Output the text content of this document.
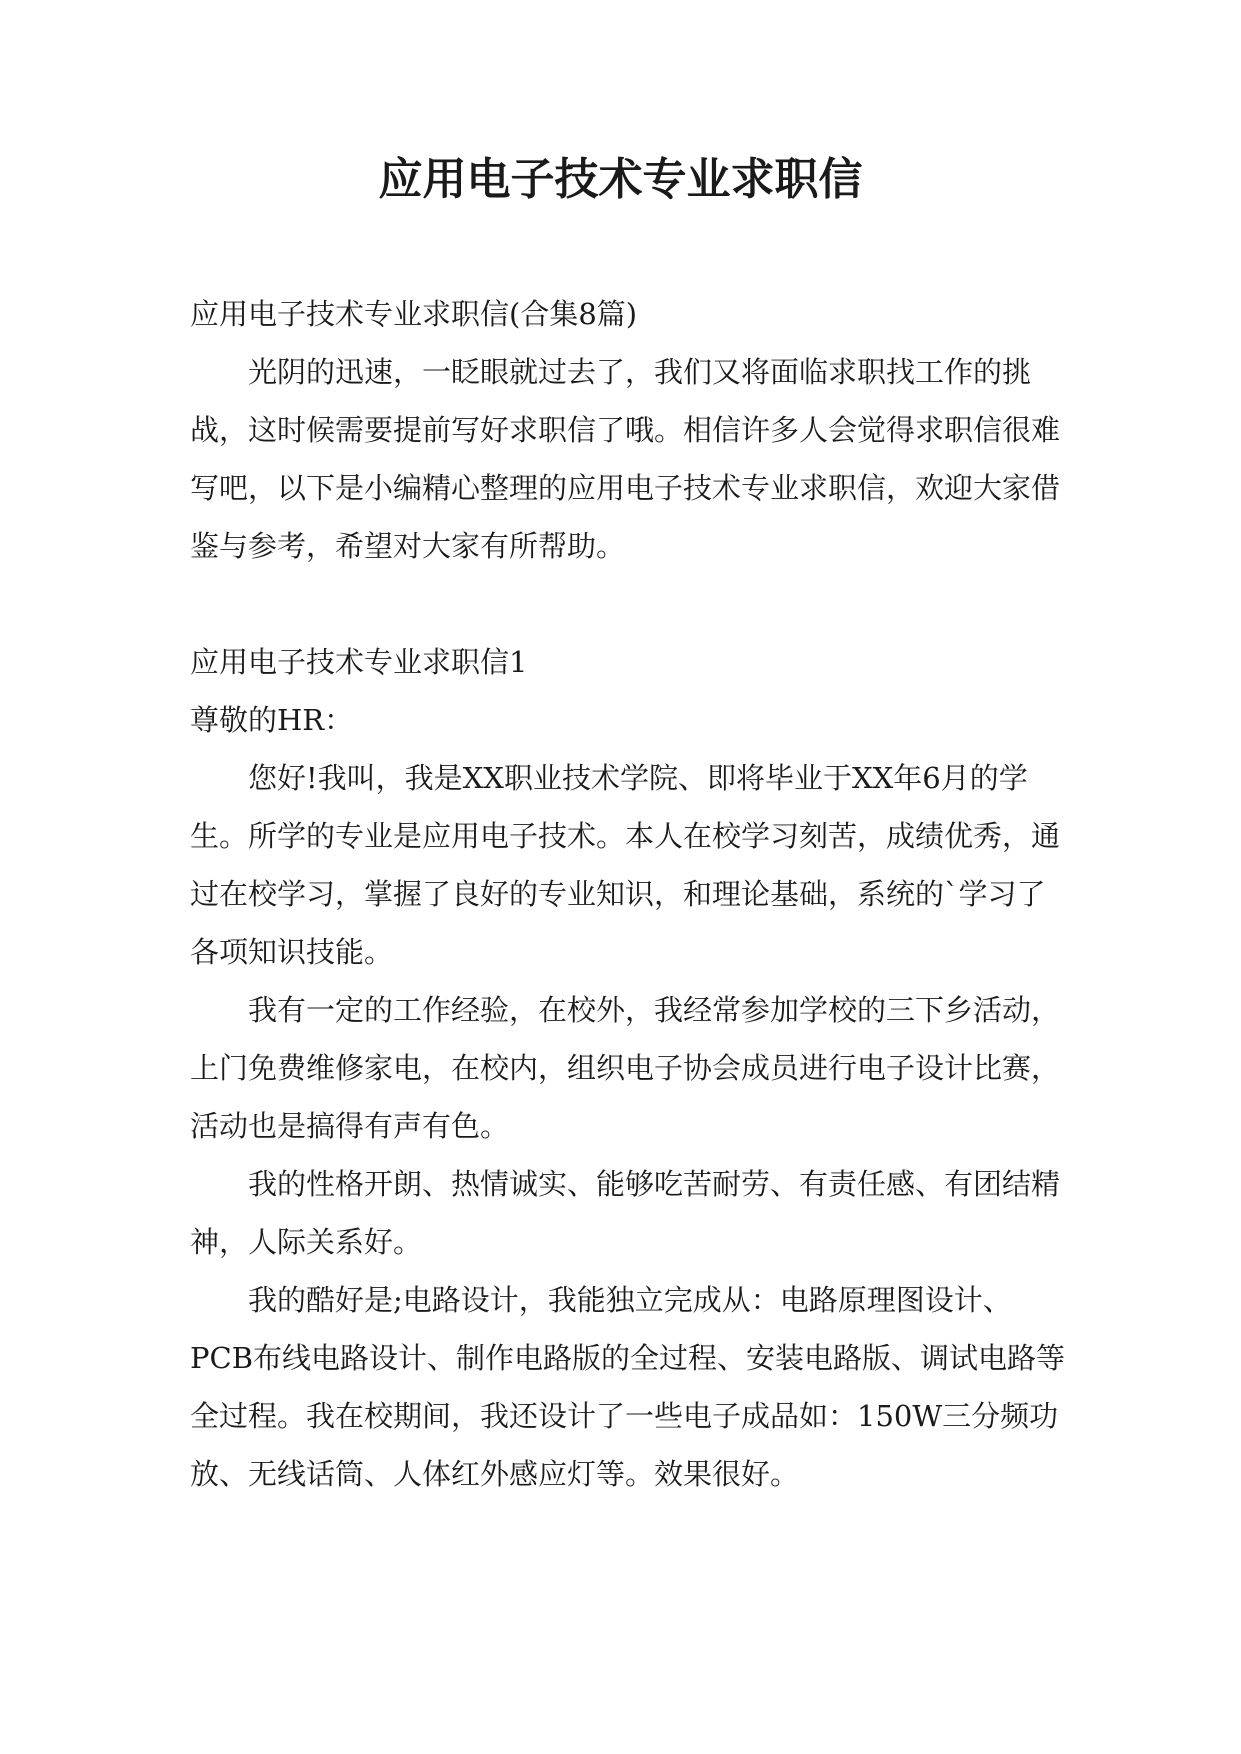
应用电子技术专业求职信

应用电子技术专业求职信(合集8篇)

光阴的迅速，一眨眼就过去了，我们又将面临求职找工作的挑战，这时候需要提前写好求职信了哦。相信许多人会觉得求职信很难写吧，以下是小编精心整理的应用电子技术专业求职信，欢迎大家借鉴与参考，希望对大家有所帮助。

应用电子技术专业求职信1

尊敬的HR：

您好!我叫，我是XX职业技术学院、即将毕业于XX年6月的学生。所学的专业是应用电子技术。本人在校学习刻苦，成绩优秀，通过在校学习，掌握了良好的专业知识，和理论基础，系统的`学习了各项知识技能。

我有一定的工作经验，在校外，我经常参加学校的三下乡活动，上门免费维修家电，在校内，组织电子协会成员进行电子设计比赛，活动也是搞得有声有色。

我的性格开朗、热情诚实、能够吃苦耐劳、有责任感、有团结精神，人际关系好。

我的酷好是;电路设计，我能独立完成从：电路原理图设计、PCB布线电路设计、制作电路版的全过程、安装电路版、调试电路等全过程。我在校期间，我还设计了一些电子成品如：150W三分频功放、无线话筒、人体红外感应灯等。效果很好。
